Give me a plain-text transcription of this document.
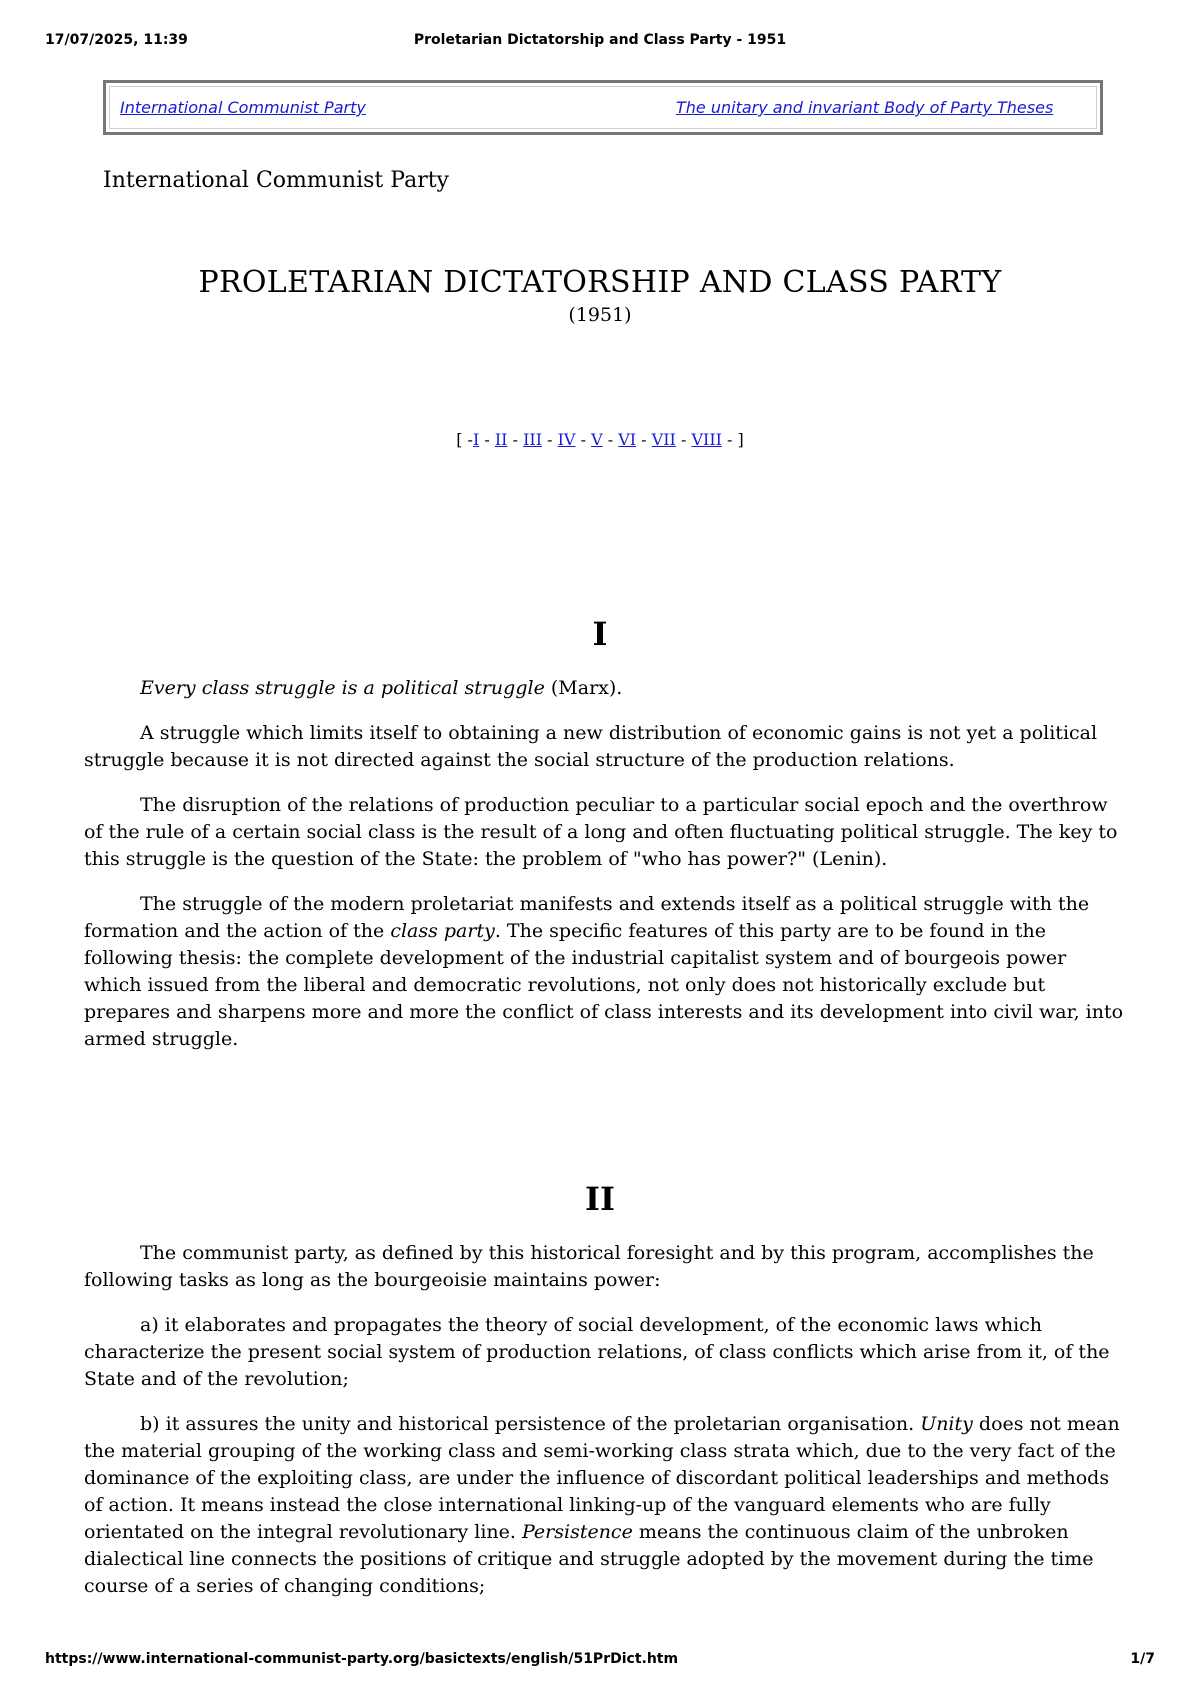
17/07/2025, 11:39	Proletarian Dictatorship and Class Party - 1951
International Communist Party	The unitary and invariant Body of Party Theses
International Communist Party
PROLETARIAN DICTATORSHIP AND CLASS PARTY
(1951)
[ -I - II - III - IV - V - VI - VII - VIII - ]
I

Every class struggle is a political struggle (Marx).

A struggle which limits itself to obtaining a new distribution of economic gains is not yet a political struggle because it is not directed against the social structure of the production relations.

The disruption of the relations of production peculiar to a particular social epoch and the overthrow of the rule of a certain social class is the result of a long and often fluctuating political struggle. The key to this struggle is the question of the State: the problem of "who has power?" (Lenin).

The struggle of the modern proletariat manifests and extends itself as a political struggle with the formation and the action of the class party. The specific features of this party are to be found in the following thesis: the complete development of the industrial capitalist system and of bourgeois power which issued from the liberal and democratic revolutions, not only does not historically exclude but prepares and sharpens more and more the conflict of class interests and its development into civil war, into armed struggle.

II

The communist party, as defined by this historical foresight and by this program, accomplishes the following tasks as long as the bourgeoisie maintains power:

a) it elaborates and propagates the theory of social development, of the economic laws which characterize the present social system of production relations, of class conflicts which arise from it, of the State and of the revolution;

b) it assures the unity and historical persistence of the proletarian organisation. Unity does not mean the material grouping of the working class and semi-working class strata which, due to the very fact of the dominance of the exploiting class, are under the influence of discordant political leaderships and methods of action. It means instead the close international linking-up of the vanguard elements who are fully orientated on the integral revolutionary line. Persistence means the continuous claim of the unbroken dialectical line connects the positions of critique and struggle adopted by the movement during the time course of a series of changing conditions;

https://www.international-communist-party.org/basictexts/english/51PrDict.htm	1/7
